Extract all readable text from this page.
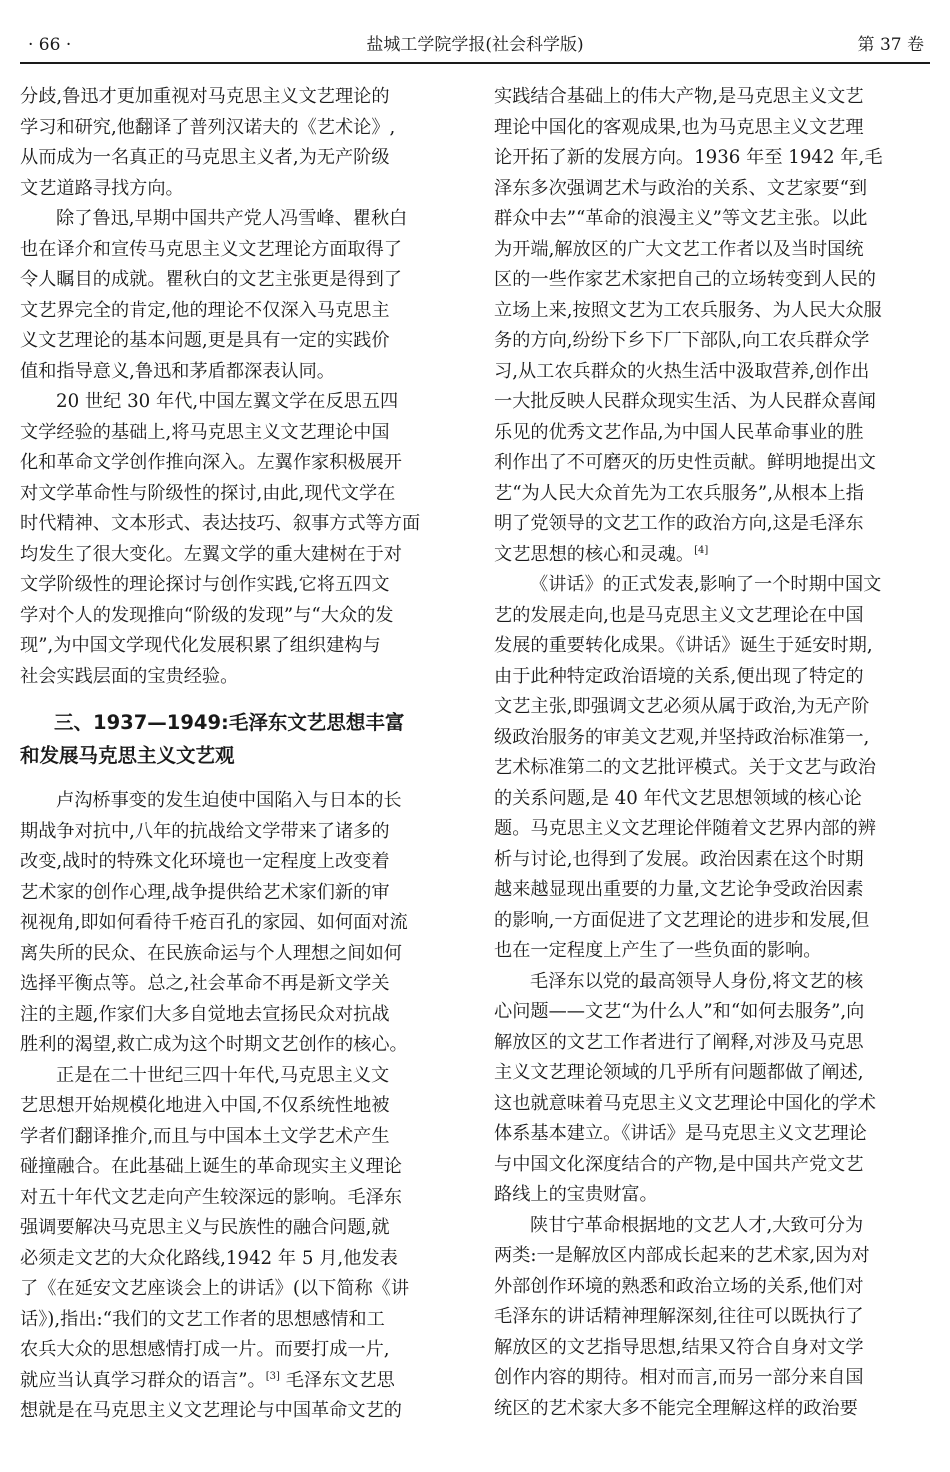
· 66 ·	盐城工学院学报(社会科学版)	第 37 卷
分歧,鲁迅才更加重视对马克思主义文艺理论的
学习和研究,他翻译了普列汉诺夫的《艺术论》,
从而成为一名真正的马克思主义者,为无产阶级
文艺道路寻找方向。
除了鲁迅,早期中国共产党人冯雪峰、瞿秋白
也在译介和宣传马克思主义文艺理论方面取得了
令人瞩目的成就。瞿秋白的文艺主张更是得到了
文艺界完全的肯定,他的理论不仅深入马克思主
义文艺理论的基本问题,更是具有一定的实践价
值和指导意义,鲁迅和茅盾都深表认同。
20 世纪 30 年代,中国左翼文学在反思五四
文学经验的基础上,将马克思主义文艺理论中国
化和革命文学创作推向深入。左翼作家积极展开
对文学革命性与阶级性的探讨,由此,现代文学在
时代精神、文本形式、表达技巧、叙事方式等方面
均发生了很大变化。左翼文学的重大建树在于对
文学阶级性的理论探讨与创作实践,它将五四文
学对个人的发现推向“阶级的发现”与“大众的发
现”,为中国文学现代化发展积累了组织建构与
社会实践层面的宝贵经验。
三、1937—1949:毛泽东文艺思想丰富
和发展马克思主义文艺观
卢沟桥事变的发生迫使中国陷入与日本的长
期战争对抗中,八年的抗战给文学带来了诸多的
改变,战时的特殊文化环境也一定程度上改变着
艺术家的创作心理,战争提供给艺术家们新的审
视视角,即如何看待千疮百孔的家园、如何面对流
离失所的民众、在民族命运与个人理想之间如何
选择平衡点等。总之,社会革命不再是新文学关
注的主题,作家们大多自觉地去宣扬民众对抗战
胜利的渴望,救亡成为这个时期文艺创作的核心。
正是在二十世纪三四十年代,马克思主义文
艺思想开始规模化地进入中国,不仅系统性地被
学者们翻译推介,而且与中国本土文学艺术产生
碰撞融合。在此基础上诞生的革命现实主义理论
对五十年代文艺走向产生较深远的影响。毛泽东
强调要解决马克思主义与民族性的融合问题,就
必须走文艺的大众化路线,1942 年 5 月,他发表
了《在延安文艺座谈会上的讲话》(以下简称《讲
话》),指出:“我们的文艺工作者的思想感情和工
农兵大众的思想感情打成一片。而要打成一片,
就应当认真学习群众的语言”。[3] 毛泽东文艺思
想就是在马克思主义文艺理论与中国革命文艺的
实践结合基础上的伟大产物,是马克思主义文艺
理论中国化的客观成果,也为马克思主义文艺理
论开拓了新的发展方向。1936 年至 1942 年,毛
泽东多次强调艺术与政治的关系、文艺家要“到
群众中去”“革命的浪漫主义”等文艺主张。以此
为开端,解放区的广大文艺工作者以及当时国统
区的一些作家艺术家把自己的立场转变到人民的
立场上来,按照文艺为工农兵服务、为人民大众服
务的方向,纷纷下乡下厂下部队,向工农兵群众学
习,从工农兵群众的火热生活中汲取营养,创作出
一大批反映人民群众现实生活、为人民群众喜闻
乐见的优秀文艺作品,为中国人民革命事业的胜
利作出了不可磨灭的历史性贡献。鲜明地提出文
艺“为人民大众首先为工农兵服务”,从根本上指
明了党领导的文艺工作的政治方向,这是毛泽东
文艺思想的核心和灵魂。[4]
《讲话》的正式发表,影响了一个时期中国文
艺的发展走向,也是马克思主义文艺理论在中国
发展的重要转化成果。《讲话》诞生于延安时期,
由于此种特定政治语境的关系,便出现了特定的
文艺主张,即强调文艺必须从属于政治,为无产阶
级政治服务的审美文艺观,并坚持政治标准第一,
艺术标准第二的文艺批评模式。关于文艺与政治
的关系问题,是 40 年代文艺思想领域的核心论
题。马克思主义文艺理论伴随着文艺界内部的辨
析与讨论,也得到了发展。政治因素在这个时期
越来越显现出重要的力量,文艺论争受政治因素
的影响,一方面促进了文艺理论的进步和发展,但
也在一定程度上产生了一些负面的影响。
毛泽东以党的最高领导人身份,将文艺的核
心问题——文艺“为什么人”和“如何去服务”,向
解放区的文艺工作者进行了阐释,对涉及马克思
主义文艺理论领域的几乎所有问题都做了阐述,
这也就意味着马克思主义文艺理论中国化的学术
体系基本建立。《讲话》是马克思主义文艺理论
与中国文化深度结合的产物,是中国共产党文艺
路线上的宝贵财富。
陕甘宁革命根据地的文艺人才,大致可分为
两类:一是解放区内部成长起来的艺术家,因为对
外部创作环境的熟悉和政治立场的关系,他们对
毛泽东的讲话精神理解深刻,往往可以既执行了
解放区的文艺指导思想,结果又符合自身对文学
创作内容的期待。相对而言,而另一部分来自国
统区的艺术家大多不能完全理解这样的政治要
